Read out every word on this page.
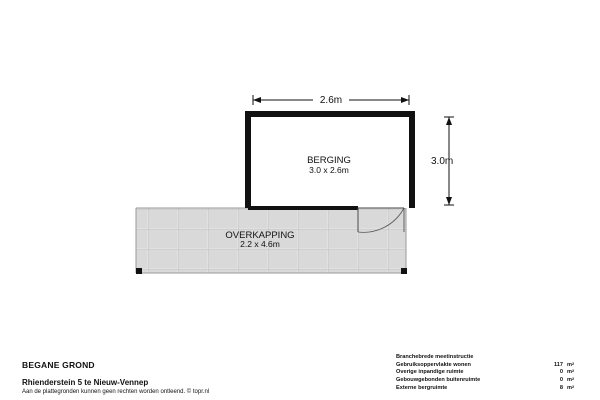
2.6m
3.0m
BERGING
3.0 x 2.6m
OVERKAPPING
2.2 x 4.6m
BEGANE GROND
Rhienderstein 5 te Nieuw-Vennep
Aan de plattegronden kunnen geen rechten worden ontleend. © topr.nl
Branchebrede meetinstructie
Gebruiksoppervlakte wonen	117 m 2
Overige inpandige ruimte	0 m 2
Gebouwgebonden buitenruimte	0 m 2
Externe bergruimte	8 m 2
